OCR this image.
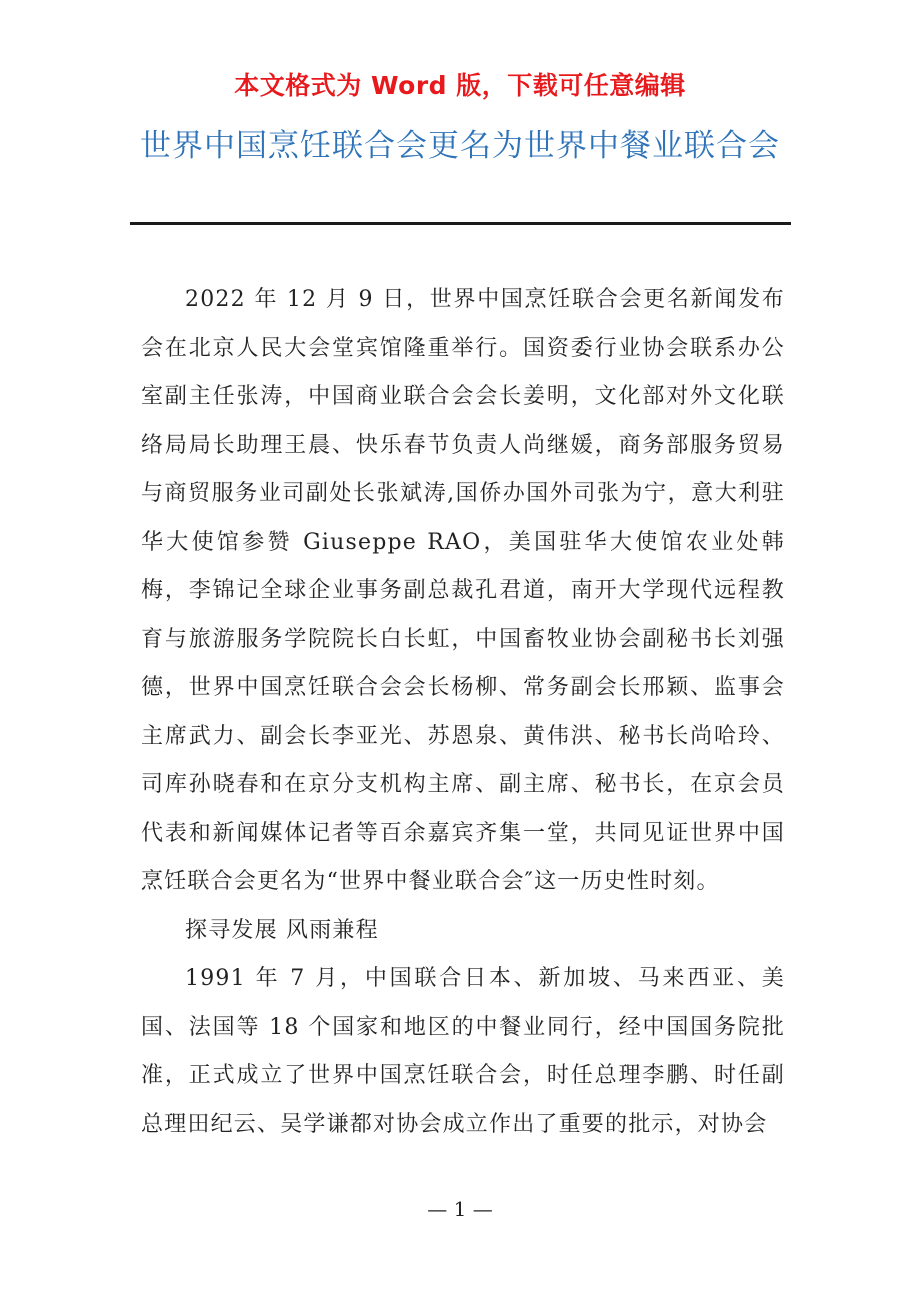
本文格式为 Word 版，下载可任意编辑
世界中国烹饪联合会更名为世界中餐业联合会

2022 年 12 月 9 日，世界中国烹饪联合会更名新闻发布会在北京人民大会堂宾馆隆重举行。国资委行业协会联系办公室副主任张涛，中国商业联合会会长姜明，文化部对外文化联络局局长助理王晨、快乐春节负责人尚继媛，商务部服务贸易与商贸服务业司副处长张斌涛,国侨办国外司张为宁，意大利驻华大使馆参赞 Giuseppe RAO，美国驻华大使馆农业处韩梅，李锦记全球企业事务副总裁孔君道，南开大学现代远程教育与旅游服务学院院长白长虹，中国畜牧业协会副秘书长刘强德，世界中国烹饪联合会会长杨柳、常务副会长邢颖、监事会主席武力、副会长李亚光、苏恩泉、黄伟洪、秘书长尚哈玲、司库孙晓春和在京分支机构主席、副主席、秘书长，在京会员代表和新闻媒体记者等百余嘉宾齐集一堂，共同见证世界中国烹饪联合会更名为“世界中餐业联合会″这一历史性时刻。

探寻发展 风雨兼程

1991 年 7 月，中国联合日本、新加坡、马来西亚、美国、法国等 18 个国家和地区的中餐业同行，经中国国务院批准，正式成立了世界中国烹饪联合会，时任总理李鹏、时任副总理田纪云、吴学谦都对协会成立作出了重要的批示，对协会

— 1 —
